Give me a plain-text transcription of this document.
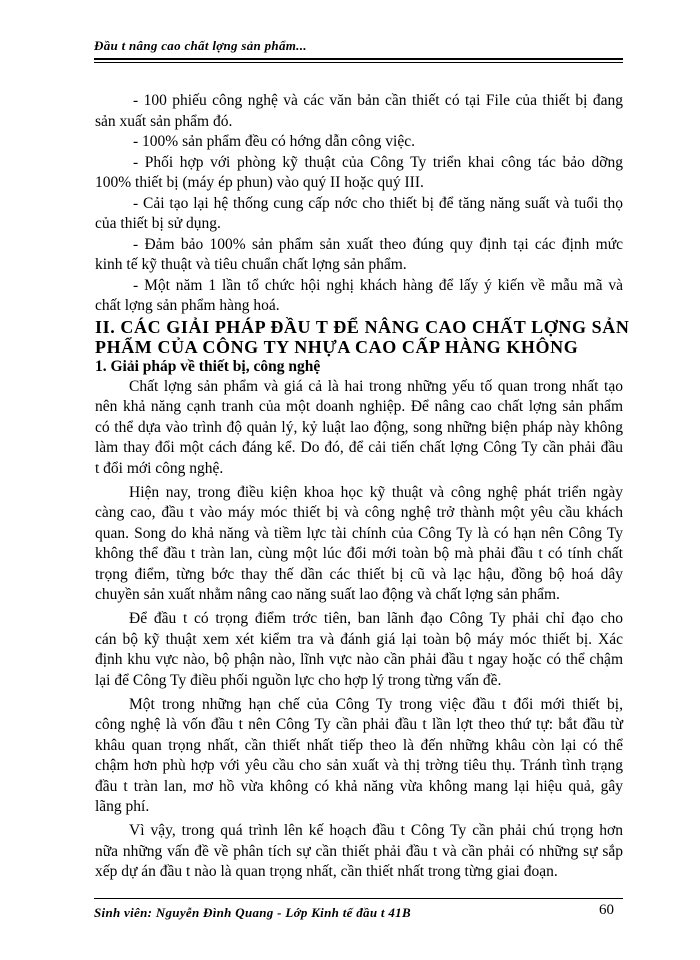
Đầu t nâng cao chất lợng sản phẩm...
- 100 phiếu công nghệ và các văn bản cần thiết có tại File của thiết bị đang
sản xuất sản phẩm đó.
- 100% sản phẩm đều có hớng dẫn công việc.
- Phối hợp với phòng kỹ thuật của Công Ty triển khai công tác bảo dỡng
100% thiết bị (máy ép phun) vào quý II hoặc quý III.
- Cải tạo lại hệ thống cung cấp nớc cho thiết bị để tăng năng suất và tuổi thọ
của thiết bị sử dụng.
- Đảm bảo 100% sản phẩm sản xuất theo đúng quy định tại các định mức
kinh tế kỹ thuật và tiêu chuẩn chất lợng sản phẩm.
- Một năm 1 lần tổ chức hội nghị khách hàng để lấy ý kiến về mẫu mã và
chất lợng sản phẩm hàng hoá.
II. CÁC GIẢI PHÁP ĐẦU T ĐỂ NÂNG CAO CHẤT LỢNG SẢN
PHẨM CỦA CÔNG TY NHỰA CAO CẤP HÀNG KHÔNG
1. Giải pháp về thiết bị, công nghệ
Chất lợng sản phẩm và giá cả là hai trong những yếu tố quan trong nhất tạo
nên khả năng cạnh tranh của một doanh nghiệp. Để nâng cao chất lợng sản phẩm
có thể dựa vào trình độ quản lý, kỷ luật lao động, song những biện pháp này không
làm thay đổi một cách đáng kể. Do đó, để cải tiến chất lợng Công Ty cần phải đầu
t đổi mới công nghệ.
Hiện nay, trong điều kiện khoa học kỹ thuật và công nghệ phát triển ngày
càng cao, đầu t vào máy móc thiết bị và công nghệ trở thành một yêu cầu khách
quan. Song do khả năng và tiềm lực tài chính của Công Ty là có hạn nên Công Ty
không thể đầu t tràn lan, cùng một lúc đổi mới toàn bộ mà phải đầu t có tính chất
trọng điểm, từng bớc thay thế dần các thiết bị cũ và lạc hậu, đồng bộ hoá dây
chuyền sản xuất nhằm nâng cao năng suất lao động và chất lợng sản phẩm.
Để đầu t có trọng điểm trớc tiên, ban lãnh đạo Công Ty phải chỉ đạo cho
cán bộ kỹ thuật xem xét kiểm tra và đánh giá lại toàn bộ máy móc thiết bị. Xác
định khu vực nào, bộ phận nào, lĩnh vực nào cần phải đầu t ngay hoặc có thể chậm
lại để Công Ty điều phối nguồn lực cho hợp lý trong từng vấn đề.
Một trong những hạn chế của Công Ty trong việc đầu t đổi mới thiết bị,
công nghệ là vốn đầu t nên Công Ty cần phải đầu t lần lợt theo thứ tự: bắt đầu từ
khâu quan trọng nhất, cần thiết nhất tiếp theo là đến những khâu còn lại có thể
chậm hơn phù hợp với yêu cầu cho sản xuất và thị trờng tiêu thụ. Tránh tình trạng
đầu t tràn lan, mơ hồ vừa không có khả năng vừa không mang lại hiệu quả, gây
lãng phí.
Vì vậy, trong quá trình lên kế hoạch đầu t Công Ty cần phải chú trọng hơn
nữa những vấn đề về phân tích sự cần thiết phải đầu t và cần phải có những sự sắp
xếp dự án đầu t nào là quan trọng nhất, cần thiết nhất trong từng giai đoạn.
Sinh viên: Nguyễn Đình Quang - Lớp Kinh tế đầu t 41B	60
